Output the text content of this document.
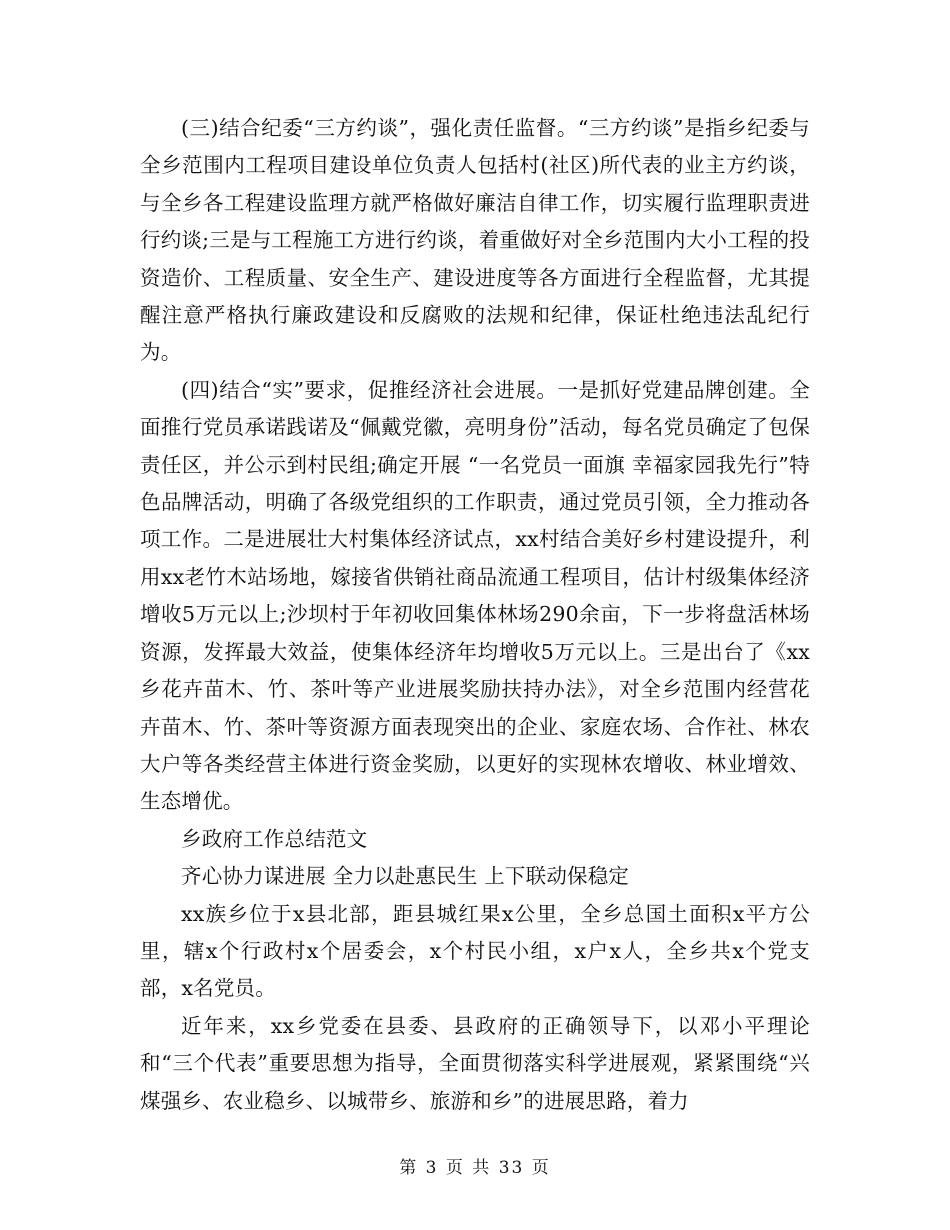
(三)结合纪委“三方约谈”，强化责任监督。“三方约谈”是指乡纪委与全乡范围内工程项目建设单位负责人包括村(社区)所代表的业主方约谈，与全乡各工程建设监理方就严格做好廉洁自律工作，切实履行监理职责进行约谈;三是与工程施工方进行约谈，着重做好对全乡范围内大小工程的投资造价、工程质量、安全生产、建设进度等各方面进行全程监督，尤其提醒注意严格执行廉政建设和反腐败的法规和纪律，保证杜绝违法乱纪行为。

(四)结合“实”要求，促推经济社会进展。一是抓好党建品牌创建。全面推行党员承诺践诺及“佩戴党徽，亮明身份”活动，每名党员确定了包保责任区，并公示到村民组;确定开展 “一名党员一面旗 幸福家园我先行”特色品牌活动，明确了各级党组织的工作职责，通过党员引领，全力推动各项工作。二是进展壮大村集体经济试点，xx村结合美好乡村建设提升，利用xx老竹木站场地，嫁接省供销社商品流通工程项目，估计村级集体经济增收5万元以上;沙坝村于年初收回集体林场290余亩，下一步将盘活林场资源，发挥最大效益，使集体经济年均增收5万元以上。三是出台了《xx乡花卉苗木、竹、茶叶等产业进展奖励扶持办法》，对全乡范围内经营花卉苗木、竹、茶叶等资源方面表现突出的企业、家庭农场、合作社、林农大户等各类经营主体进行资金奖励，以更好的实现林农增收、林业增效、生态增优。

乡政府工作总结范文

齐心协力谋进展 全力以赴惠民生 上下联动保稳定

xx族乡位于x县北部，距县城红果x公里，全乡总国土面积x平方公里，辖x个行政村x个居委会，x个村民小组，x户x人，全乡共x个党支部，x名党员。

近年来，xx乡党委在县委、县政府的正确领导下，以邓小平理论和“三个代表”重要思想为指导，全面贯彻落实科学进展观，紧紧围绕“兴煤强乡、农业稳乡、以城带乡、旅游和乡”的进展思路，着力

第 3 页 共 33 页
